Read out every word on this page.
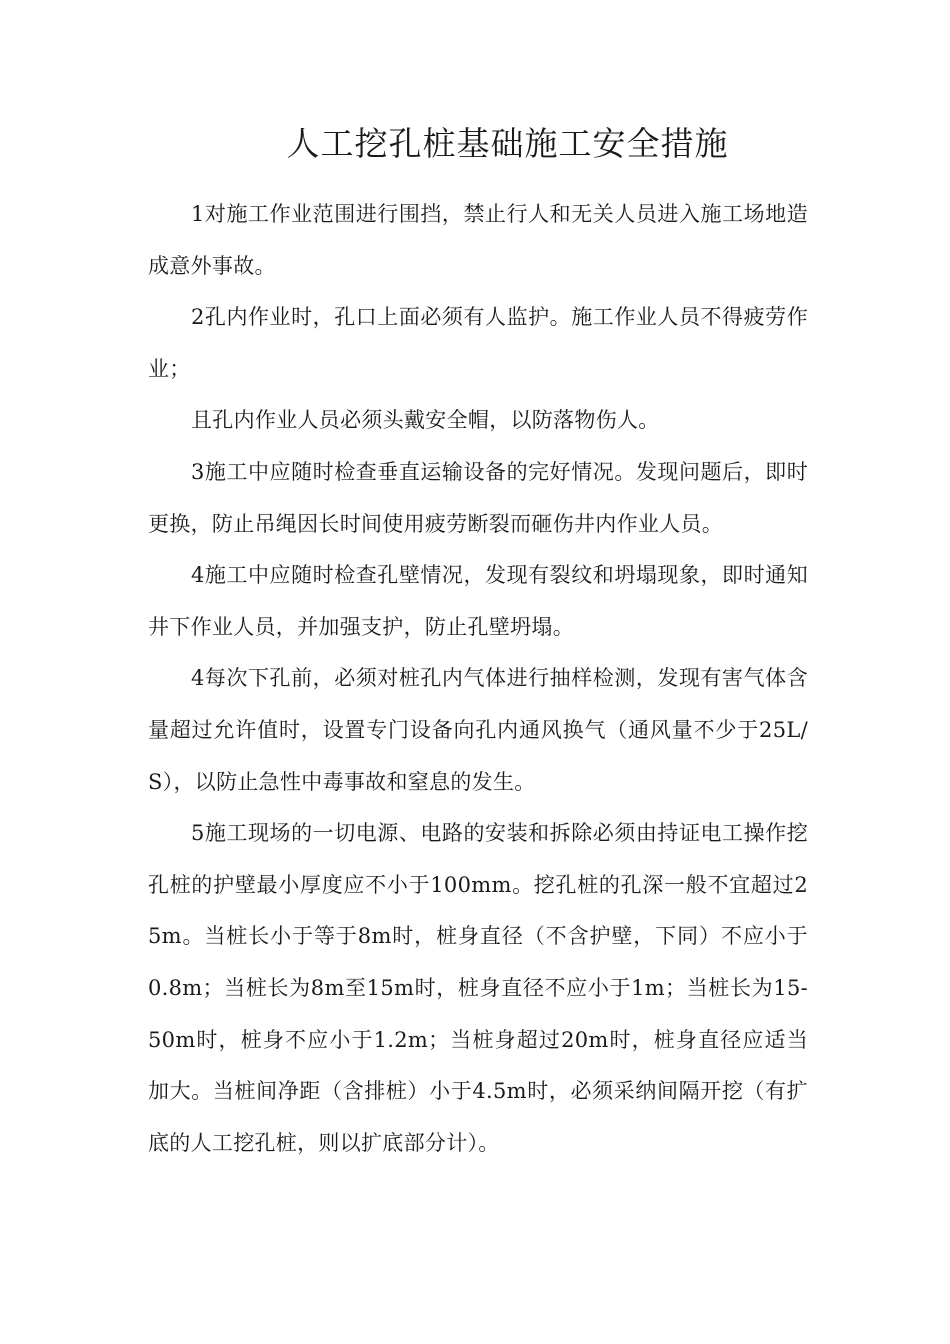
人工挖孔桩基础施工安全措施

1对施工作业范围进行围挡，禁止行人和无关人员进入施工场地造成意外事故。

2孔内作业时，孔口上面必须有人监护。施工作业人员不得疲劳作业；

且孔内作业人员必须头戴安全帽，以防落物伤人。

3施工中应随时检查垂直运输设备的完好情况。发现问题后，即时更换，防止吊绳因长时间使用疲劳断裂而砸伤井内作业人员。

4施工中应随时检查孔壁情况，发现有裂纹和坍塌现象，即时通知井下作业人员，并加强支护，防止孔壁坍塌。

4每次下孔前，必须对桩孔内气体进行抽样检测，发现有害气体含量超过允许值时，设置专门设备向孔内通风换气（通风量不少于25L/S），以防止急性中毒事故和窒息的发生。

5施工现场的一切电源、电路的安装和拆除必须由持证电工操作挖孔桩的护壁最小厚度应不小于100mm。挖孔桩的孔深一般不宜超过25m。当桩长小于等于8m时，桩身直径（不含护壁，下同）不应小于0.8m；当桩长为8m至15m时，桩身直径不应小于1m；当桩长为15-50m时，桩身不应小于1.2m；当桩身超过20m时，桩身直径应适当加大。当桩间净距（含排桩）小于4.5m时，必须采纳间隔开挖（有扩底的人工挖孔桩，则以扩底部分计）。
